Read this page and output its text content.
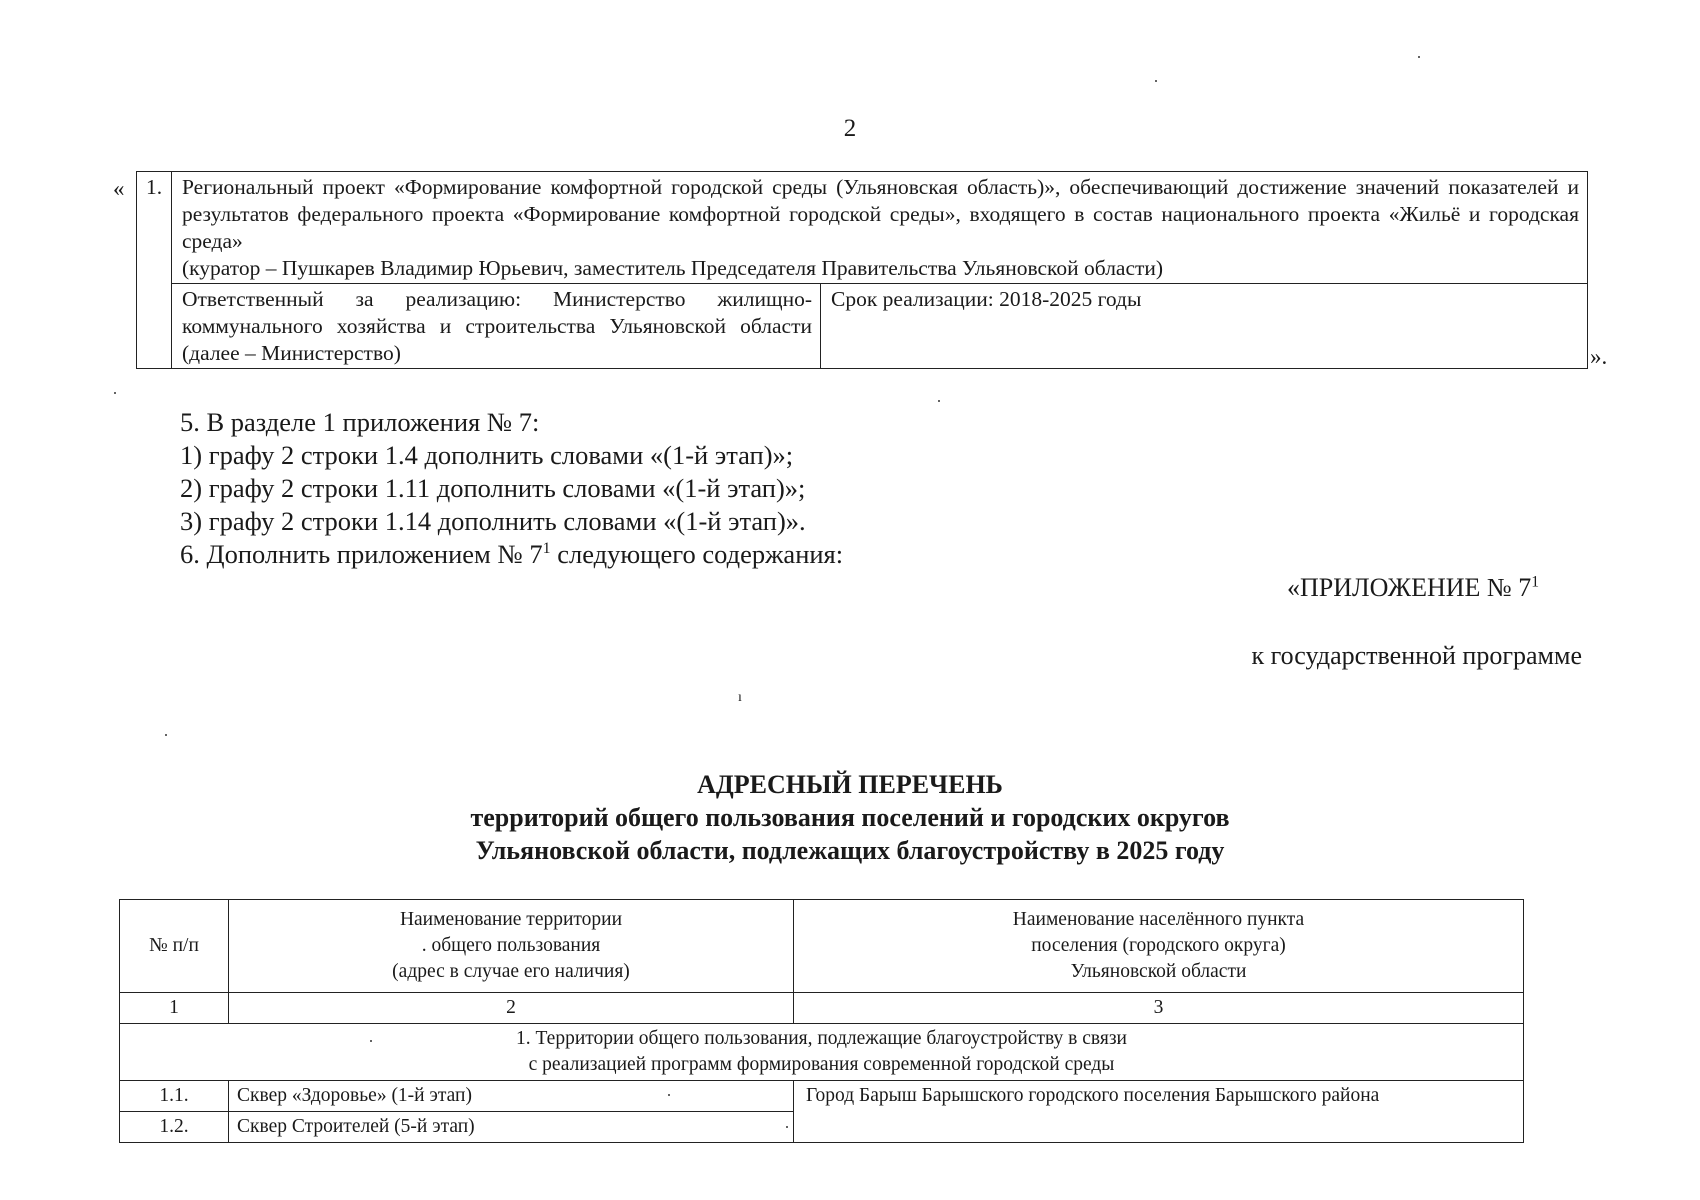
2
« 1.	Региональный проект «Формирование комфортной городской среды (Ульяновская область)», обеспечивающий достижение значений показателей и результатов федерального проекта «Формирование комфортной городской среды», входящего в состав национального проекта «Жильё и городская среда»
(куратор – Пушкарев Владимир Юрьевич, заместитель Председателя Правительства Ульяновской области)	

	Ответственный за реализацию: Министерство жилищно-коммунального хозяйства и строительства Ульяновской области (далее – Министерство)	Срок реализации: 2018-2025 годы
».

5. В разделе 1 приложения № 7:

1) графу 2 строки 1.4 дополнить словами «(1-й этап)»;

2) графу 2 строки 1.11 дополнить словами «(1-й этап)»;

3) графу 2 строки 1.14 дополнить словами «(1-й этап)».

6. Дополнить приложением № $7^1$ следующего содержания:

«ПРИЛОЖЕНИЕ № $7^1$
к государственной программе
ı
АДРЕСНЫЙ ПЕРЕЧЕНЬ
территорий общего пользования поселений и городских округов
Ульяновской области, подлежащих благоустройству в 2025 году
№ п/п	Наименование территории
. общего пользования
(адрес в случае его наличия)	Наименование населённого пункта
поселения (городского округа)
Ульяновской области
1	2	3
1. Территории общего пользования, подлежащие благоустройству в связи
с реализацией программ формирования современной городской среды		
1.1.	Сквер «Здоровье» (1-й этап)	Город Барыш Барышского городского поселения Барышского района
1.2.	Сквер Строителей (5-й этап)	
